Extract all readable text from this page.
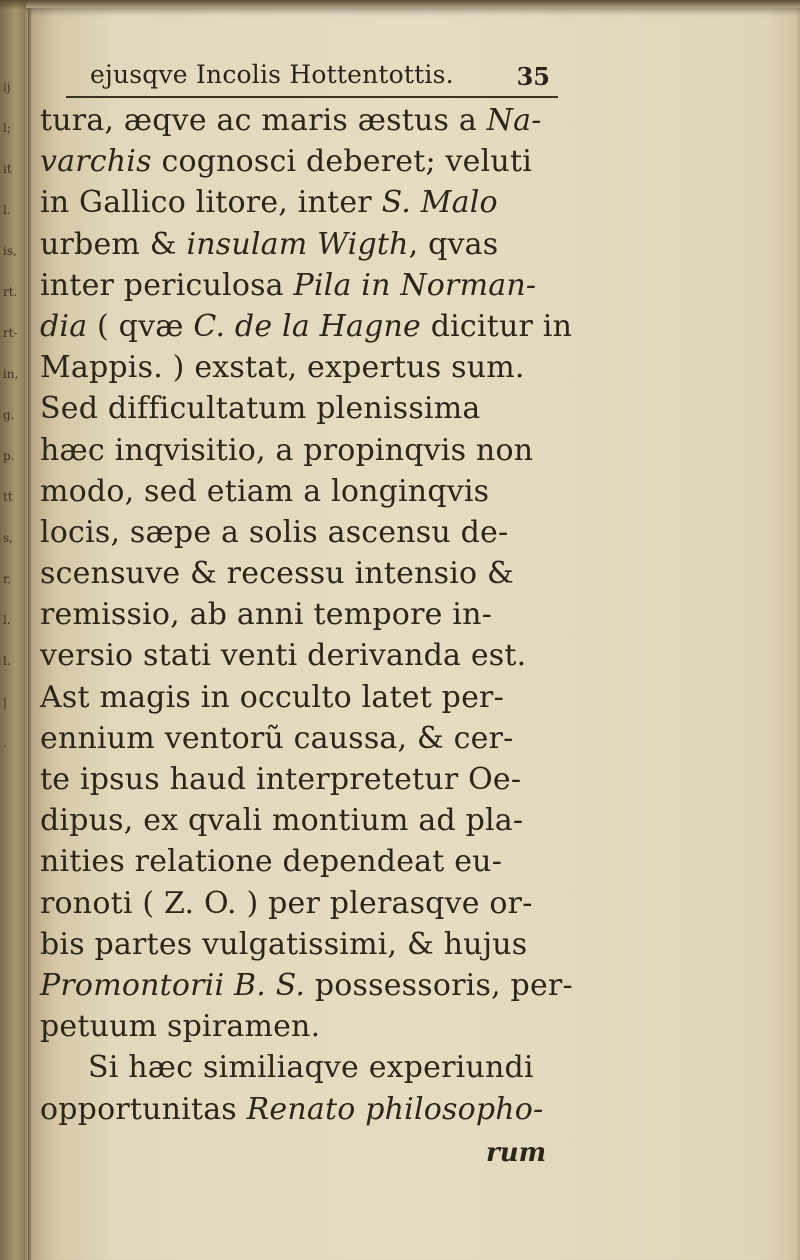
ij
l;
it
l.
is,
rt.
rt-
in,
g.
p.
tt
s,
r,
l.
l.
|
.
ejusqve Incolis Hottentottis.	35
tura, æqve ac maris æstus a Na-
varchis cognosci deberet; veluti
in Gallico litore, inter S. Malo
urbem & insulam Wigth, qvas
inter periculosa Pila in Norman-
dia ( qvæ C. de la Hagne dicitur in
Mappis. ) exstat, expertus sum.
Sed difficultatum plenissima
hæc inqvisitio, a propinqvis non
modo, sed etiam a longinqvis
locis, sæpe a solis ascensu de-
scensuve & recessu intensio &
remissio, ab anni tempore in-
versio stati venti derivanda est.
Ast magis in occulto latet per-
ennium ventorũ caussa, & cer-
te ipsus haud interpretetur Oe-
dipus, ex qvali montium ad pla-
nities relatione dependeat eu-
ronoti ( Z. O. ) per plerasqve or-
bis partes vulgatissimi, & hujus
Promontorii B. S. possessoris, per-
petuum spiramen.
Si hæc similiaqve experiundi
opportunitas Renato philosopho-
rum
